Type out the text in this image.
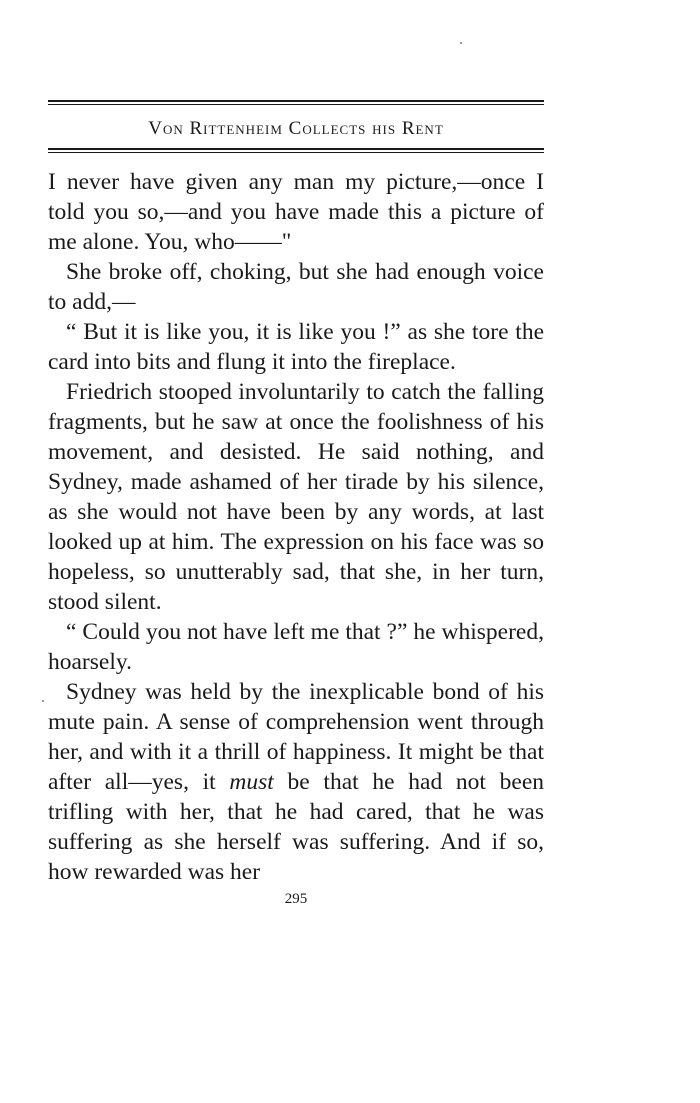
Von Rittenheim Collects his Rent

I never have given any man my picture,—once I told you so,—and you have made this a picture of me alone. You, who——"

She broke off, choking, but she had enough voice to add,—

“ But it is like you, it is like you !” as she tore the card into bits and flung it into the fireplace.

Friedrich stooped involuntarily to catch the falling fragments, but he saw at once the foolishness of his movement, and desisted. He said nothing, and Sydney, made ashamed of her tirade by his silence, as she would not have been by any words, at last looked up at him. The expression on his face was so hopeless, so unutterably sad, that she, in her turn, stood silent.

“ Could you not have left me that ?” he whispered, hoarsely.

Sydney was held by the inexplicable bond of his mute pain. A sense of comprehension went through her, and with it a thrill of happiness. It might be that after all—yes, it must be that he had not been trifling with her, that he had cared, that he was suffering as she herself was suffering. And if so, how rewarded was her

295
